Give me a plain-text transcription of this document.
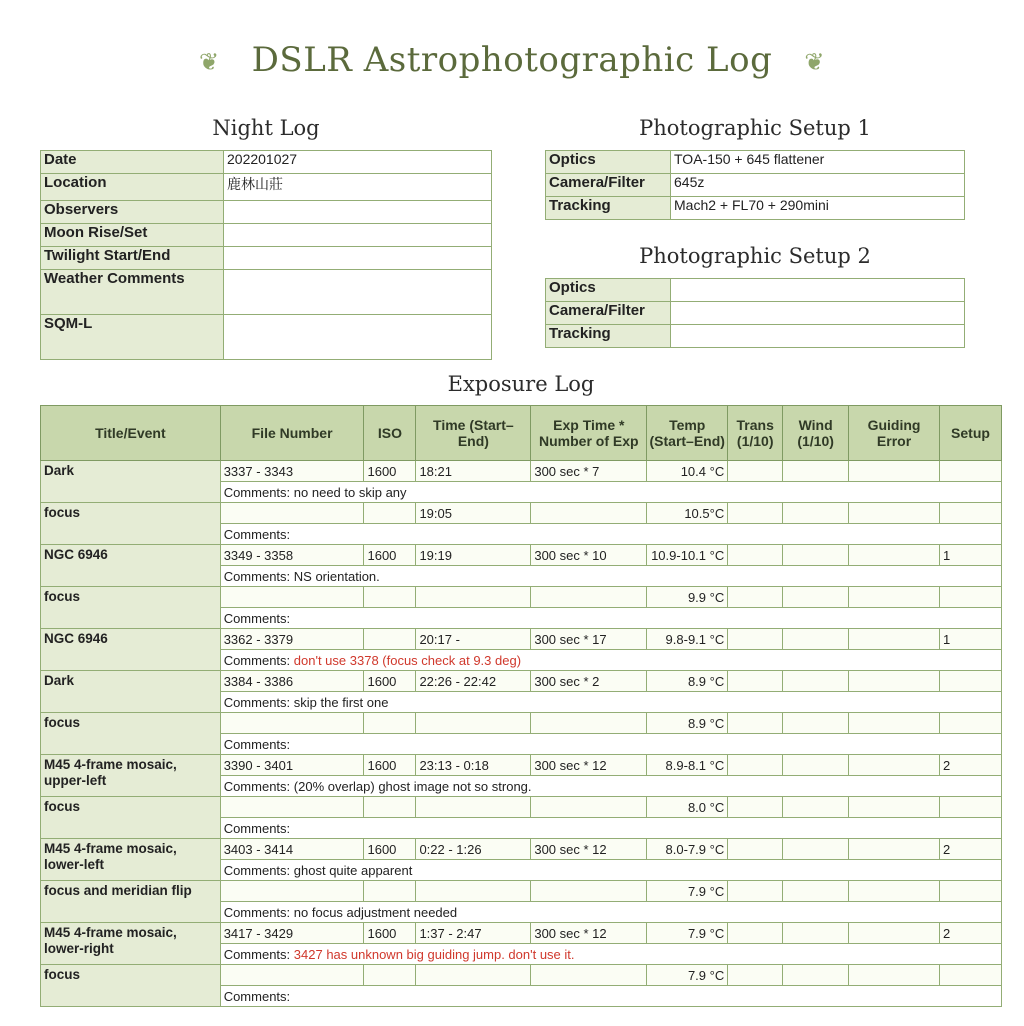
❦ DSLR Astrophotographic Log ❦
Night Log
Date	202201027
Location	鹿林山莊
Observers	
Moon Rise/Set	
Twilight Start/End	
Weather Comments	
SQM-L	
Photographic Setup 1
Optics	TOA-150 + 645 flattener
Camera/Filter	645z
Tracking	Mach2 + FL70 + 290mini
Photographic Setup 2
Optics	
Camera/Filter	
Tracking	
Exposure Log
Title/Event	File Number	ISO	Time (Start–End)	Exp Time * Number of Exp	Temp (Start–End)	Trans (1/10)	Wind (1/10)	Guiding Error	Setup
Dark	3337 - 3343	1600	18:21	300 sec * 7	10.4 °C				
	Comments: no need to skip any								
focus			19:05		10.5°C				
	Comments:								
NGC 6946	3349 - 3358	1600	19:19	300 sec * 10	10.9-10.1 °C				1
	Comments: NS orientation.								
focus					9.9 °C				
	Comments:								
NGC 6946	3362 - 3379		20:17 -	300 sec * 17	9.8-9.1 °C				1
	Comments: don't use 3378 (focus check at 9.3 deg)								
Dark	3384 - 3386	1600	22:26 - 22:42	300 sec * 2	8.9 °C				
	Comments: skip the first one								
focus					8.9 °C				
	Comments:								
M45 4-frame mosaic, upper-left	3390 - 3401	1600	23:13 - 0:18	300 sec * 12	8.9-8.1 °C				2
	Comments: (20% overlap) ghost image not so strong.								
focus					8.0 °C				
	Comments:								
M45 4-frame mosaic, lower-left	3403 - 3414	1600	0:22 - 1:26	300 sec * 12	8.0-7.9 °C				2
	Comments: ghost quite apparent								
focus and meridian flip					7.9 °C				
	Comments: no focus adjustment needed								
M45 4-frame mosaic, lower-right	3417 - 3429	1600	1:37 - 2:47	300 sec * 12	7.9 °C				2
	Comments: 3427 has unknown big guiding jump. don't use it.								
focus					7.9 °C				
	Comments:								
